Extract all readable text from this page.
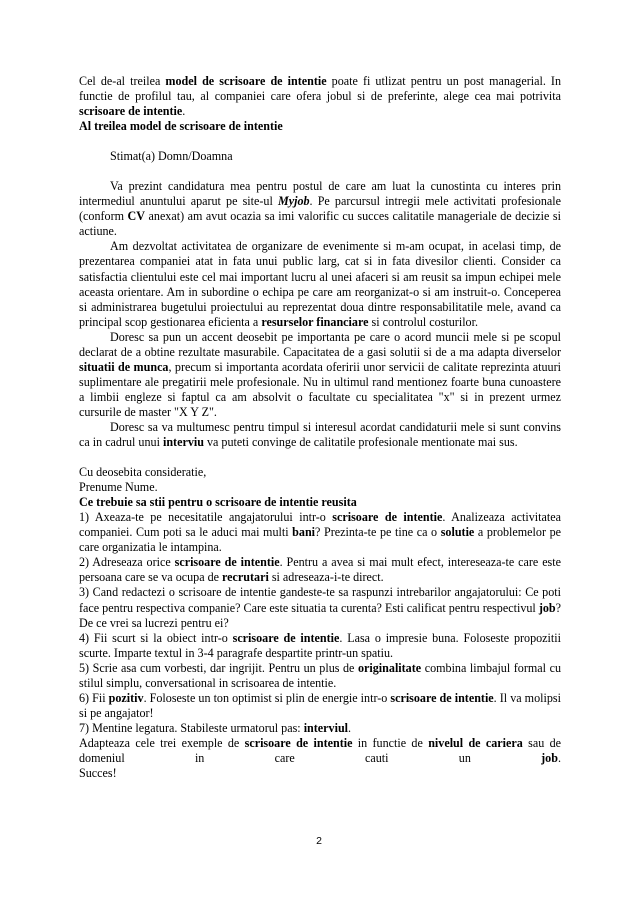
Cel de-al treilea model de scrisoare de intentie poate fi utlizat pentru un post managerial. In functie de profilul tau, al companiei care ofera jobul si de preferinte, alege cea mai potrivita scrisoare de intentie.

Al treilea model de scrisoare de intentie

Stimat(a) Domn/Doamna

Va prezint candidatura mea pentru postul de care am luat la cunostinta cu interes prin intermediul anuntului aparut pe site-ul Myjob. Pe parcursul intregii mele activitati profesionale (conform CV anexat) am avut ocazia sa imi valorific cu succes calitatile manageriale de decizie si actiune.

Am dezvoltat activitatea de organizare de evenimente si m-am ocupat, in acelasi timp, de prezentarea companiei atat in fata unui public larg, cat si in fata divesilor clienti. Consider ca satisfactia clientului este cel mai important lucru al unei afaceri si am reusit sa impun echipei mele aceasta orientare. Am in subordine o echipa pe care am reorganizat-o si am instruit-o. Conceperea si administrarea bugetului proiectului au reprezentat doua dintre responsabilitatile mele, avand ca principal scop gestionarea eficienta a resurselor financiare si controlul costurilor.

Doresc sa pun un accent deosebit pe importanta pe care o acord muncii mele si pe scopul declarat de a obtine rezultate masurabile. Capacitatea de a gasi solutii si de a ma adapta diverselor situatii de munca, precum si importanta acordata oferirii unor servicii de calitate reprezinta atuuri suplimentare ale pregatirii mele profesionale. Nu in ultimul rand mentionez foarte buna cunoastere a limbii engleze si faptul ca am absolvit o facultate cu specialitatea "x" si in prezent urmez cursurile de master "X Y Z".

Doresc sa va multumesc pentru timpul si interesul acordat candidaturii mele si sunt convins ca in cadrul unui interviu va puteti convinge de calitatile profesionale mentionate mai sus.

Cu deosebita consideratie,

Prenume Nume.

Ce trebuie sa stii pentru o scrisoare de intentie reusita

1) Axeaza-te pe necesitatile angajatorului intr-o scrisoare de intentie. Analizeaza activitatea companiei. Cum poti sa le aduci mai multi bani? Prezinta-te pe tine ca o solutie a problemelor pe care organizatia le intampina.

2) Adreseaza orice scrisoare de intentie. Pentru a avea si mai mult efect, intereseaza-te care este persoana care se va ocupa de recrutari si adreseaza-i-te direct.

3) Cand redactezi o scrisoare de intentie gandeste-te sa raspunzi intrebarilor angajatorului: Ce poti face pentru respectiva companie? Care este situatia ta curenta? Esti calificat pentru respectivul job? De ce vrei sa lucrezi pentru ei?

4) Fii scurt si la obiect intr-o scrisoare de intentie. Lasa o impresie buna. Foloseste propozitii scurte. Imparte textul in 3-4 paragrafe despartite printr-un spatiu.

5) Scrie asa cum vorbesti, dar ingrijit. Pentru un plus de originalitate combina limbajul formal cu stilul simplu, conversational in scrisoarea de intentie.

6) Fii pozitiv. Foloseste un ton optimist si plin de energie intr-o scrisoare de intentie. Il va molipsi si pe angajator!

7) Mentine legatura. Stabileste urmatorul pas: interviul.

Adapteaza cele trei exemple de scrisoare de intentie in functie de nivelul de cariera sau de domeniul in care cauti un job.

Succes!

2
